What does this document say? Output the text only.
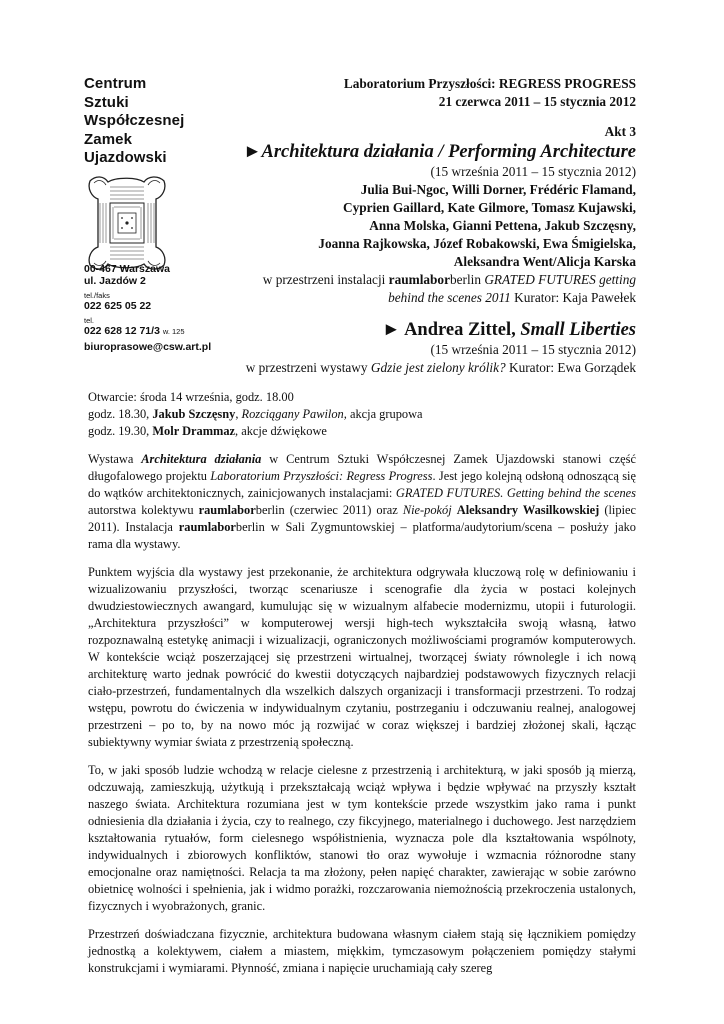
Centrum
Sztuki
Współczesnej
Zamek
Ujazdowski
00-467 Warszawa
ul. Jazdów 2
tel./faks
022 625 05 22
tel.
022 628 12 71/3 w. 125
biuroprasowe@csw.art.pl
Laboratorium Przyszłości: REGRESS PROGRESS
21 czerwca 2011 – 15 stycznia 2012
Akt 3
►Architektura działania / Performing Architecture
(15 września 2011 – 15 stycznia 2012)
Julia Bui-Ngoc, Willi Dorner, Frédéric Flamand,
Cyprien Gaillard, Kate Gilmore, Tomasz Kujawski,
Anna Molska, Gianni Pettena, Jakub Szczęsny,
Joanna Rajkowska, Józef Robakowski, Ewa Śmigielska,
Aleksandra Went/Alicja Karska
w przestrzeni instalacji raumlaborberlin GRATED FUTURES getting
behind the scenes 2011 Kurator: Kaja Pawełek
► Andrea Zittel, Small Liberties
(15 września 2011 – 15 stycznia 2012)
w przestrzeni wystawy Gdzie jest zielony królik? Kurator: Ewa Gorządek
Otwarcie: środa 14 września, godz. 18.00
godz. 18.30, Jakub Szczęsny, Rozciągany Pawilon, akcja grupowa
godz. 19.30, Molr Drammaz, akcje dźwiękowe

Wystawa Architektura działania w Centrum Sztuki Współczesnej Zamek Ujazdowski stanowi część długofalowego projektu Laboratorium Przyszłości: Regress Progress. Jest jego kolejną odsłoną odnoszącą się do wątków architektonicznych, zainicjowanych instalacjami: GRATED FUTURES. Getting behind the scenes autorstwa kolektywu raumlaborberlin (czerwiec 2011) oraz Nie-pokój Aleksandry Wasilkowskiej (lipiec 2011). Instalacja raumlaborberlin w Sali Zygmuntowskiej – platforma/audytorium/scena – posłuży jako rama dla wystawy.

Punktem wyjścia dla wystawy jest przekonanie, że architektura odgrywała kluczową rolę w definiowaniu i wizualizowaniu przyszłości, tworząc scenariusze i scenografie dla życia w postaci kolejnych dwudziestowiecznych awangard, kumulując się w wizualnym alfabecie modernizmu, utopii i futurologii. „Architektura przyszłości” w komputerowej wersji high-tech wykształciła swoją własną, łatwo rozpoznawalną estetykę animacji i wizualizacji, ograniczonych możliwościami programów komputerowych. W kontekście wciąż poszerzającej się przestrzeni wirtualnej, tworzącej światy równolegle i ich nową architekturę warto jednak powrócić do kwestii dotyczących najbardziej podstawowych fizycznych relacji ciało-przestrzeń, fundamentalnych dla wszelkich dalszych organizacji i transformacji przestrzeni. To rodzaj wstępu, powrotu do ćwiczenia w indywidualnym czytaniu, postrzeganiu i odczuwaniu realnej, analogowej przestrzeni – po to, by na nowo móc ją rozwijać w coraz większej i bardziej złożonej skali, łącząc subiektywny wymiar świata z przestrzenią społeczną.

To, w jaki sposób ludzie wchodzą w relacje cielesne z przestrzenią i architekturą, w jaki sposób ją mierzą, odczuwają, zamieszkują, użytkują i przekształcają wciąż wpływa i będzie wpływać na przyszły kształt naszego świata. Architektura rozumiana jest w tym kontekście przede wszystkim jako rama i punkt odniesienia dla działania i życia, czy to realnego, czy fikcyjnego, materialnego i duchowego. Jest narzędziem kształtowania rytuałów, form cielesnego współistnienia, wyznacza pole dla kształtowania wspólnoty, indywidualnych i zbiorowych konfliktów, stanowi tło oraz wywołuje i wzmacnia różnorodne stany emocjonalne oraz namiętności. Relacja ta ma złożony, pełen napięć charakter, zawierając w sobie zarówno obietnicę wolności i spełnienia, jak i widmo porażki, rozczarowania niemożnością przekroczenia ustalonych, fizycznych i wyobrażonych, granic.

Przestrzeń doświadczana fizycznie, architektura budowana własnym ciałem stają się łącznikiem pomiędzy jednostką a kolektywem, ciałem a miastem, miękkim, tymczasowym połączeniem pomiędzy stałymi konstrukcjami i wymiarami. Płynność, zmiana i napięcie uruchamiają cały szereg
